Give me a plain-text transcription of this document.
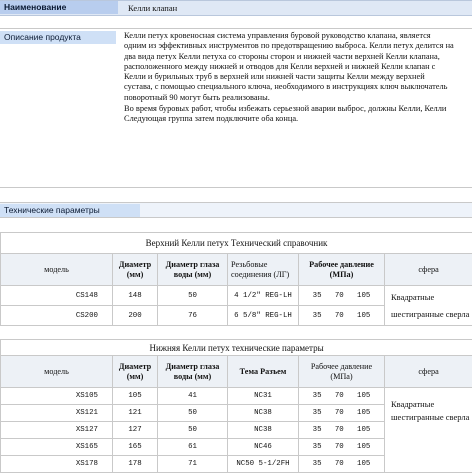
Наименование	Келли клапан
Описание продукта	Келли петух кровеносная система управления буровой руководство клапана, является одним из эффективных инструментов по предотвращению выброса. Келли петух делится на два вида петух Келли петуха со стороны сторон и нижней части верхней Келли клапана, расположенного между нижней и отводов для Келли верхней и нижней Келли клапан с Келли и бурильных труб в верхней или нижней части защиты Келли между верхней сустава, с помощью специального ключа, необходимого в инструкциях ключ выключатель поворотный 90 могут быть реализованы.

Во время буровых работ, чтобы избежать серьезной аварии выброс, должны Келли, Келли Следующая группа затем подключите оба конца.

Технические параметры
Верхний Келли петух Технический справочник					
модель	Диаметр (мм)	Диаметр глаза воды (мм)	Резьбовые соединения (ЛГ)	Рабочее давление (МПа)	сфера
CS148	148	50	4 1/2" REG-LH	35 70 105	Квадратные
шестигранные сверла

CS200	200	76	6 5/8" REG-LH	35 70 105	
Нижняя Келли петух технические параметры					
модель	Диаметр (мм)	Диаметр глаза воды (мм)	Тема Разъем	Рабочее давление (МПа)	сфера
XS105	105	41	NC31	35 70 105	Квадратные
шестигранные сверла

XS121	121	50	NC38	35 70 105	
XS127	127	50	NC38	35 70 105	
XS165	165	61	NC46	35 70 105	
XS178	178	71	NC50 5-1/2FH	35 70 105	
